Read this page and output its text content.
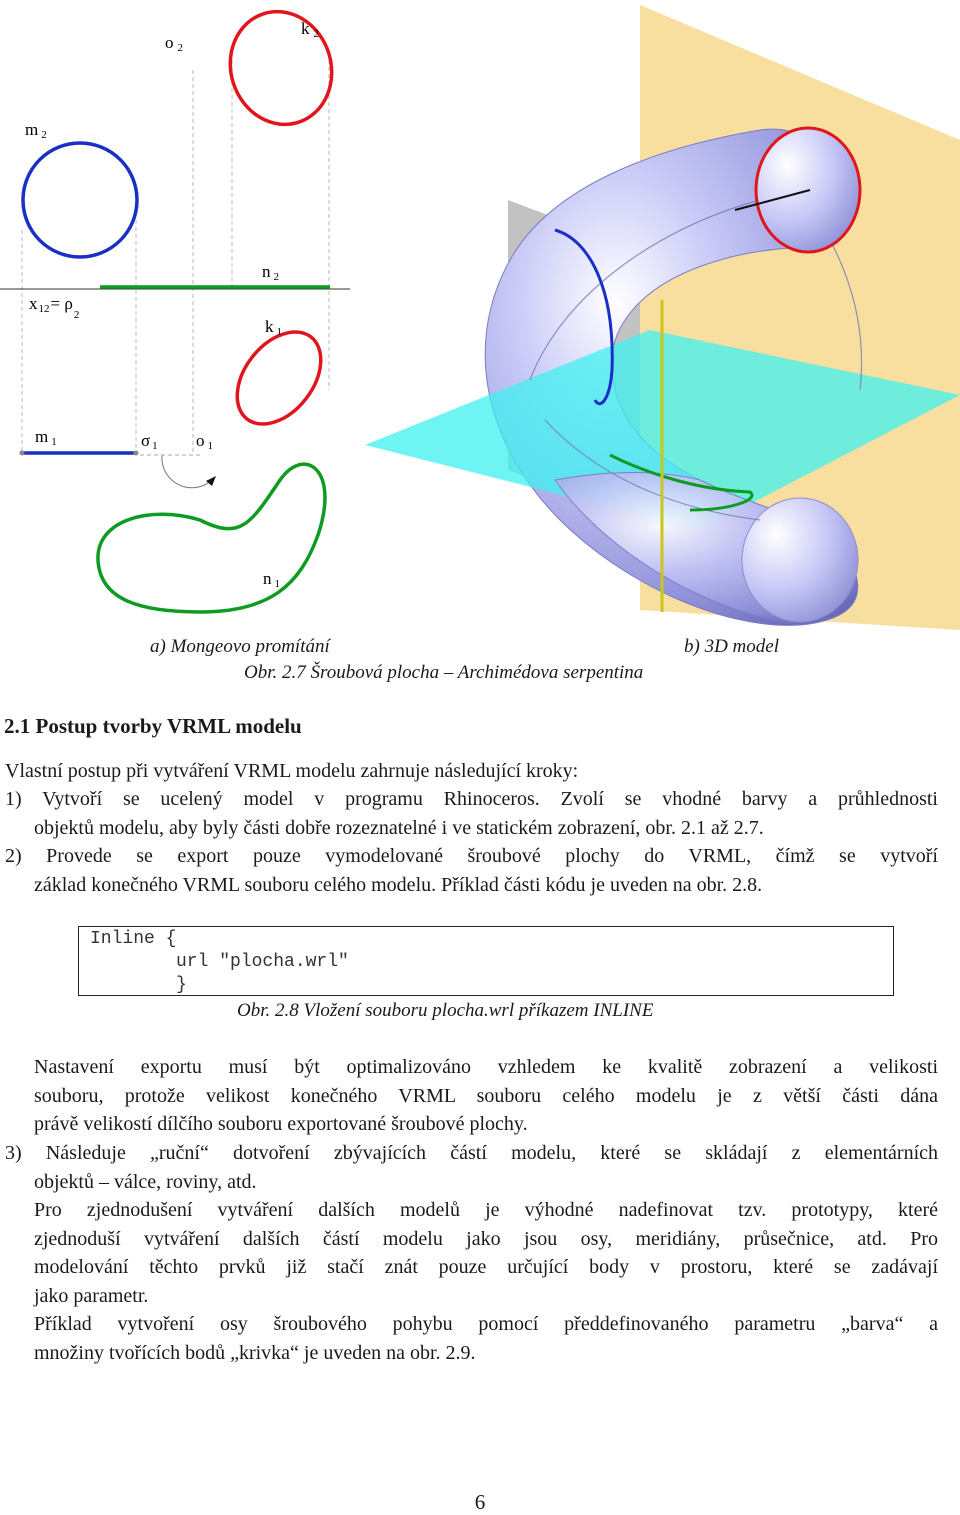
o 2
k 2
m 2
n 2
$x12= \rho_2$
k 1
m 1	σ 1 o 1
n 1
a) Mongeovo promítání	b) 3D model
Obr. 2.7 Šroubová plocha – Archimédova serpentina
2.1 Postup tvorby VRML modelu
Vlastní postup při vytváření VRML modelu zahrnuje následující kroky:
1) Vytvoří se ucelený model v programu Rhinoceros. Zvolí se vhodné barvy a průhlednosti
objektů modelu, aby byly části dobře rozeznatelné i ve statickém zobrazení, obr. 2.1 až 2.7.
2) Provede se export pouze vymodelované šroubové plochy do VRML, čímž se vytvoří
základ konečného VRML souboru celého modelu. Příklad části kódu je uveden na obr. 2.8.
Inline {
url "plocha.wrl"
}
Obr. 2.8 Vložení souboru plocha.wrl příkazem INLINE
Nastavení exportu musí být optimalizováno vzhledem ke kvalitě zobrazení a velikosti
souboru, protože velikost konečného VRML souboru celého modelu je z větší části dána
právě velikostí dílčího souboru exportované šroubové plochy.
3) Následuje „ruční“ dotvoření zbývajících částí modelu, které se skládají z elementárních
objektů – válce, roviny, atd.
Pro zjednodušení vytváření dalších modelů je výhodné nadefinovat tzv. prototypy, které
zjednoduší vytváření dalších částí modelu jako jsou osy, meridiány, průsečnice, atd. Pro
modelování těchto prvků již stačí znát pouze určující body v prostoru, které se zadávají
jako parametr.
Příklad vytvoření osy šroubového pohybu pomocí předdefinovaného parametru „barva“ a
množiny tvořících bodů „krivka“ je uveden na obr. 2.9.
6
